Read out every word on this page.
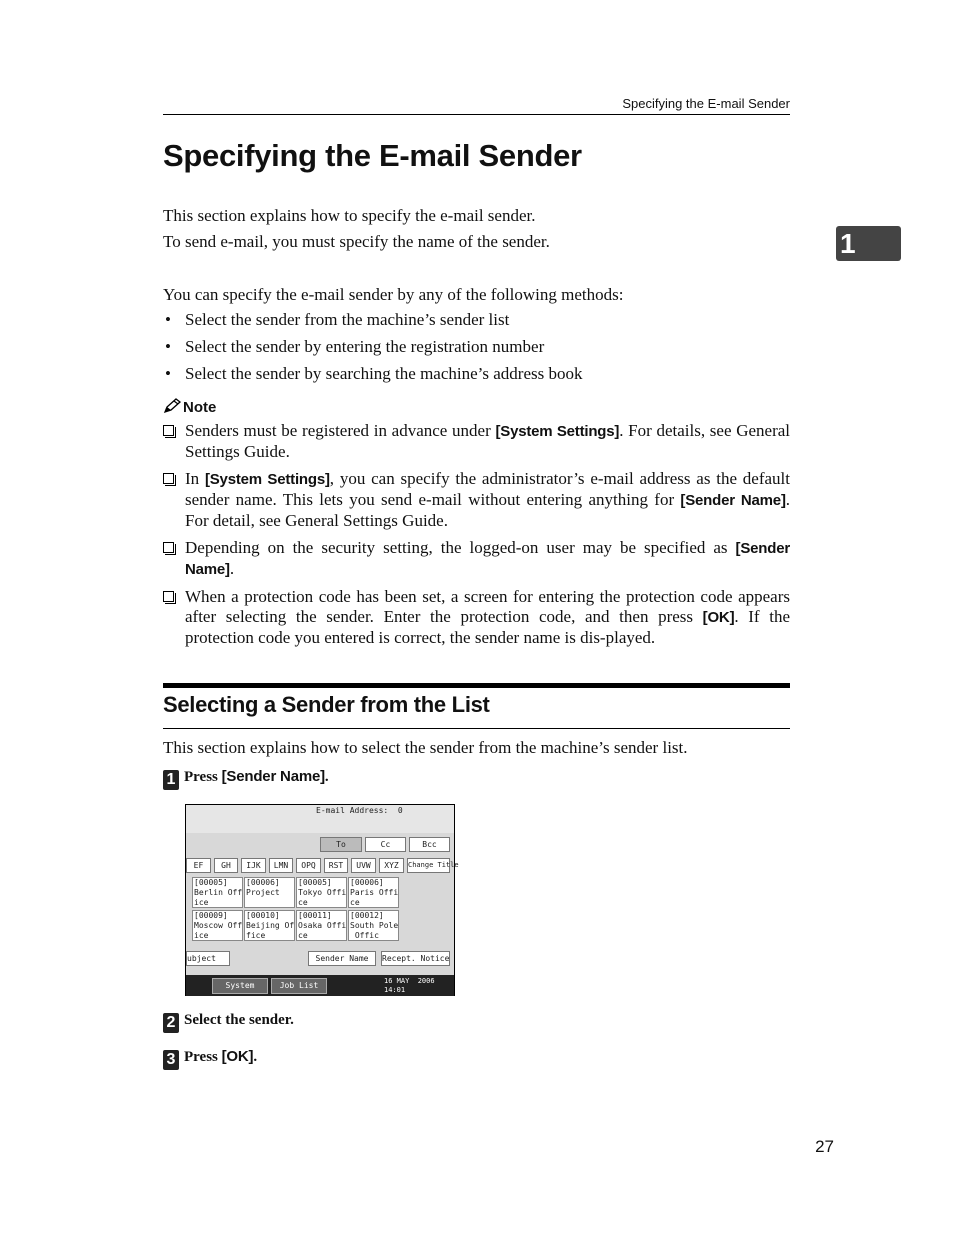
Specifying the E-mail Sender
1
Specifying the E-mail Sender

This section explains how to specify the e-mail sender.

To send e-mail, you must specify the name of the sender.

You can specify the e-mail sender by any of the following methods:

• Select the sender from the machine’s sender list
• Select the sender by entering the registration number
• Select the sender by searching the machine’s address book
Note
Senders must be registered in advance under [System Settings]. For details, see General Settings Guide.
In [System Settings], you can specify the administrator’s e-mail address as the default sender name. This lets you send e-mail without entering anything for [Sender Name]. For detail, see General Settings Guide.
Depending on the security setting, the logged-on user may be specified as [Sender Name].
When a protection code has been set, a screen for entering the protection code appears after selecting the sender. Enter the protection code, and then press [OK]. If the protection code you entered is correct, the sender name is dis-played.
Selecting a Sender from the List

This section explains how to select the sender from the machine’s sender list.

1 Press [Sender Name].
E-mail Address: 0
To	Cc	Bcc
EF	GH	IJK	LMN	OPQ	RST	UVW	XYZ	Change Title
[00005]
Berlin Off
ice
[00006]
Project

[00005]
Tokyo Offi
ce
[00006]
Paris Offi
ce
[00009]
Moscow Off
ice
[00010]
Beijing Of
fice
[00011]
Osaka Offi
ce
[00012]
South Pole
Offic
ubject	Sender Name	Recept. Notice
System Status
Job List	16 MAY  2006
14:01
2 Select the sender.
3 Press [OK].
27
